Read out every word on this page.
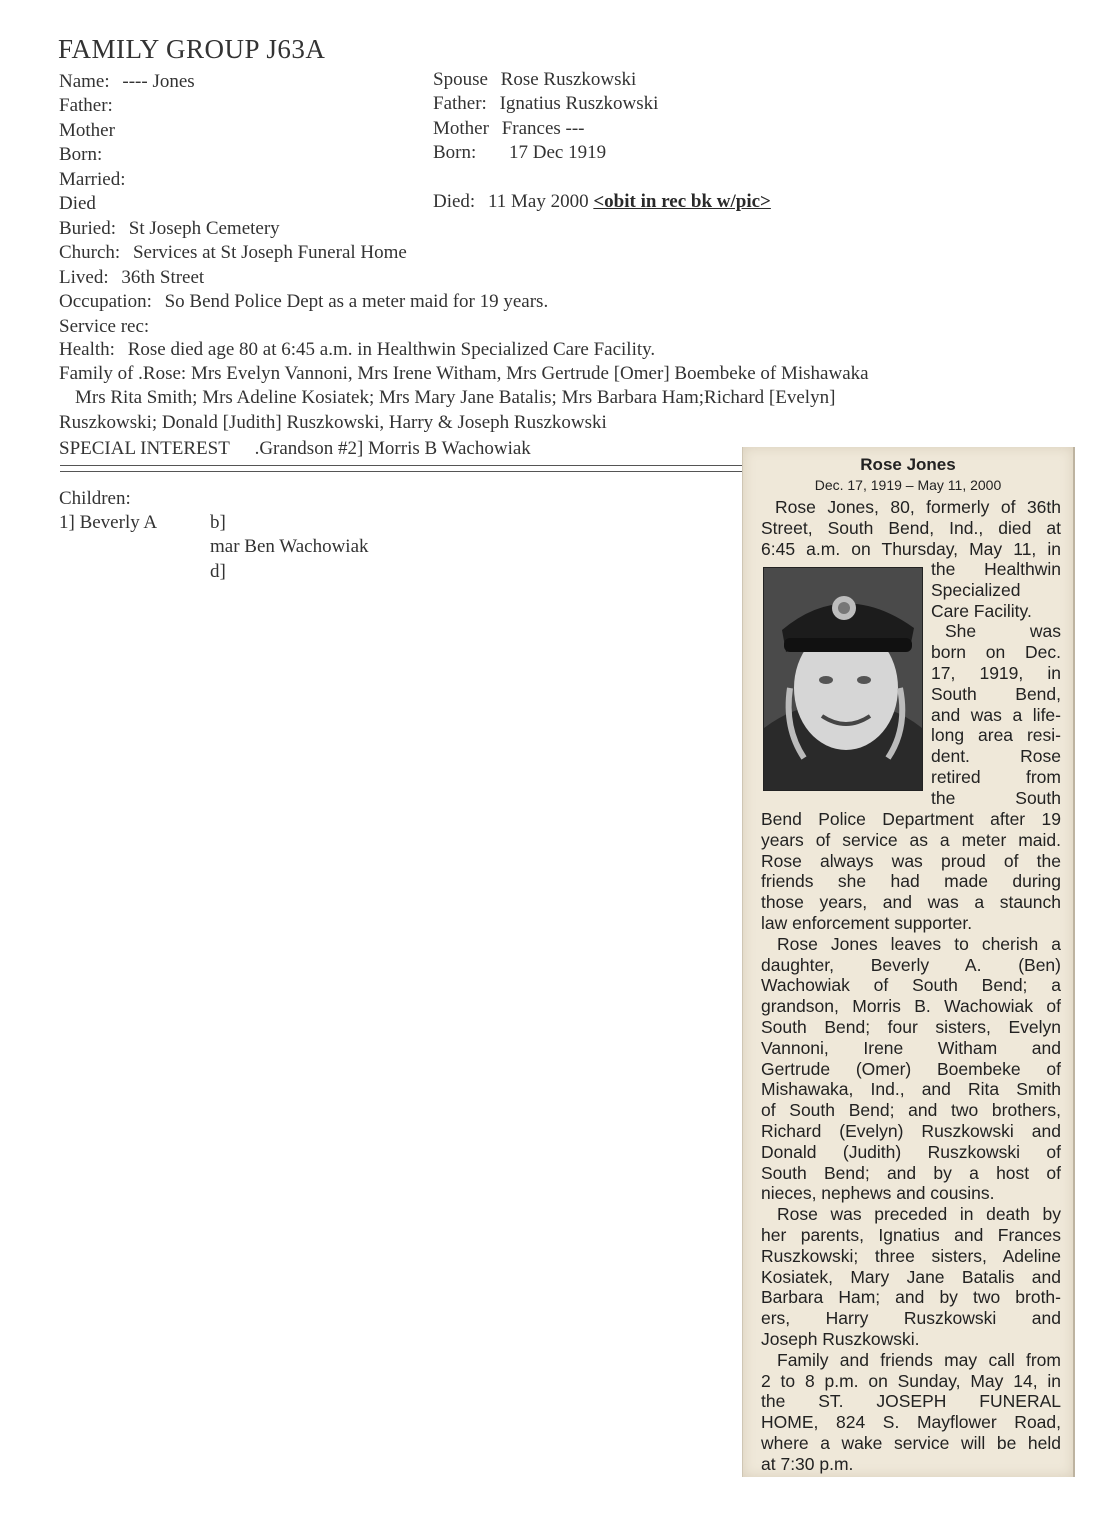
FAMILY GROUP J63A
Name: ---- Jones
Father:
Mother
Born:
Married:
Died
Spouse Rose Ruszkowski
Father: Ignatius Ruszkowski
Mother Frances ---
Born: 17 Dec 1919
Died: 11 May 2000 <obit in rec bk w/pic>
Buried: St Joseph Cemetery
Church: Services at St Joseph Funeral Home
Lived: 36th Street
Occupation: So Bend Police Dept as a meter maid for 19 years.
Service rec:
Health: Rose died age 80 at 6:45 a.m. in Healthwin Specialized Care Facility.
Family of .Rose: Mrs Evelyn Vannoni, Mrs Irene Witham, Mrs Gertrude [Omer] Boembeke of Mishawaka
Mrs Rita Smith; Mrs Adeline Kosiatek; Mrs Mary Jane Batalis; Mrs Barbara Ham;Richard [Evelyn]
Ruszkowski; Donald [Judith] Ruszkowski, Harry & Joseph Ruszkowski
SPECIAL INTEREST .Grandson #2] Morris B Wachowiak
Children:
1] Beverly A	b]
mar Ben Wachowiak
d]
Rose Jones
Dec. 17, 1919 – May 11, 2000
Rose Jones, 80, formerly of 36th
Street, South Bend, Ind., died at
6:45 a.m. on Thursday, May 11, in
the Healthwin
Specialized
Care Facility.
She was
born on Dec.
17, 1919, in
South Bend,
and was a life-
long area resi-
dent. Rose
retired from
the South
Bend Police Department after 19
years of service as a meter maid.
Rose always was proud of the
friends she had made during
those years, and was a staunch
law enforcement supporter.
Rose Jones leaves to cherish a
daughter, Beverly A. (Ben)
Wachowiak of South Bend; a
grandson, Morris B. Wachowiak of
South Bend; four sisters, Evelyn
Vannoni, Irene Witham and
Gertrude (Omer) Boembeke of
Mishawaka, Ind., and Rita Smith
of South Bend; and two brothers,
Richard (Evelyn) Ruszkowski and
Donald (Judith) Ruszkowski of
South Bend; and by a host of
nieces, nephews and cousins.
Rose was preceded in death by
her parents, Ignatius and Frances
Ruszkowski; three sisters, Adeline
Kosiatek, Mary Jane Batalis and
Barbara Ham; and by two broth-
ers, Harry Ruszkowski and
Joseph Ruszkowski.
Family and friends may call from
2 to 8 p.m. on Sunday, May 14, in
the ST. JOSEPH FUNERAL
HOME, 824 S. Mayflower Road,
where a wake service will be held
at 7:30 p.m.
